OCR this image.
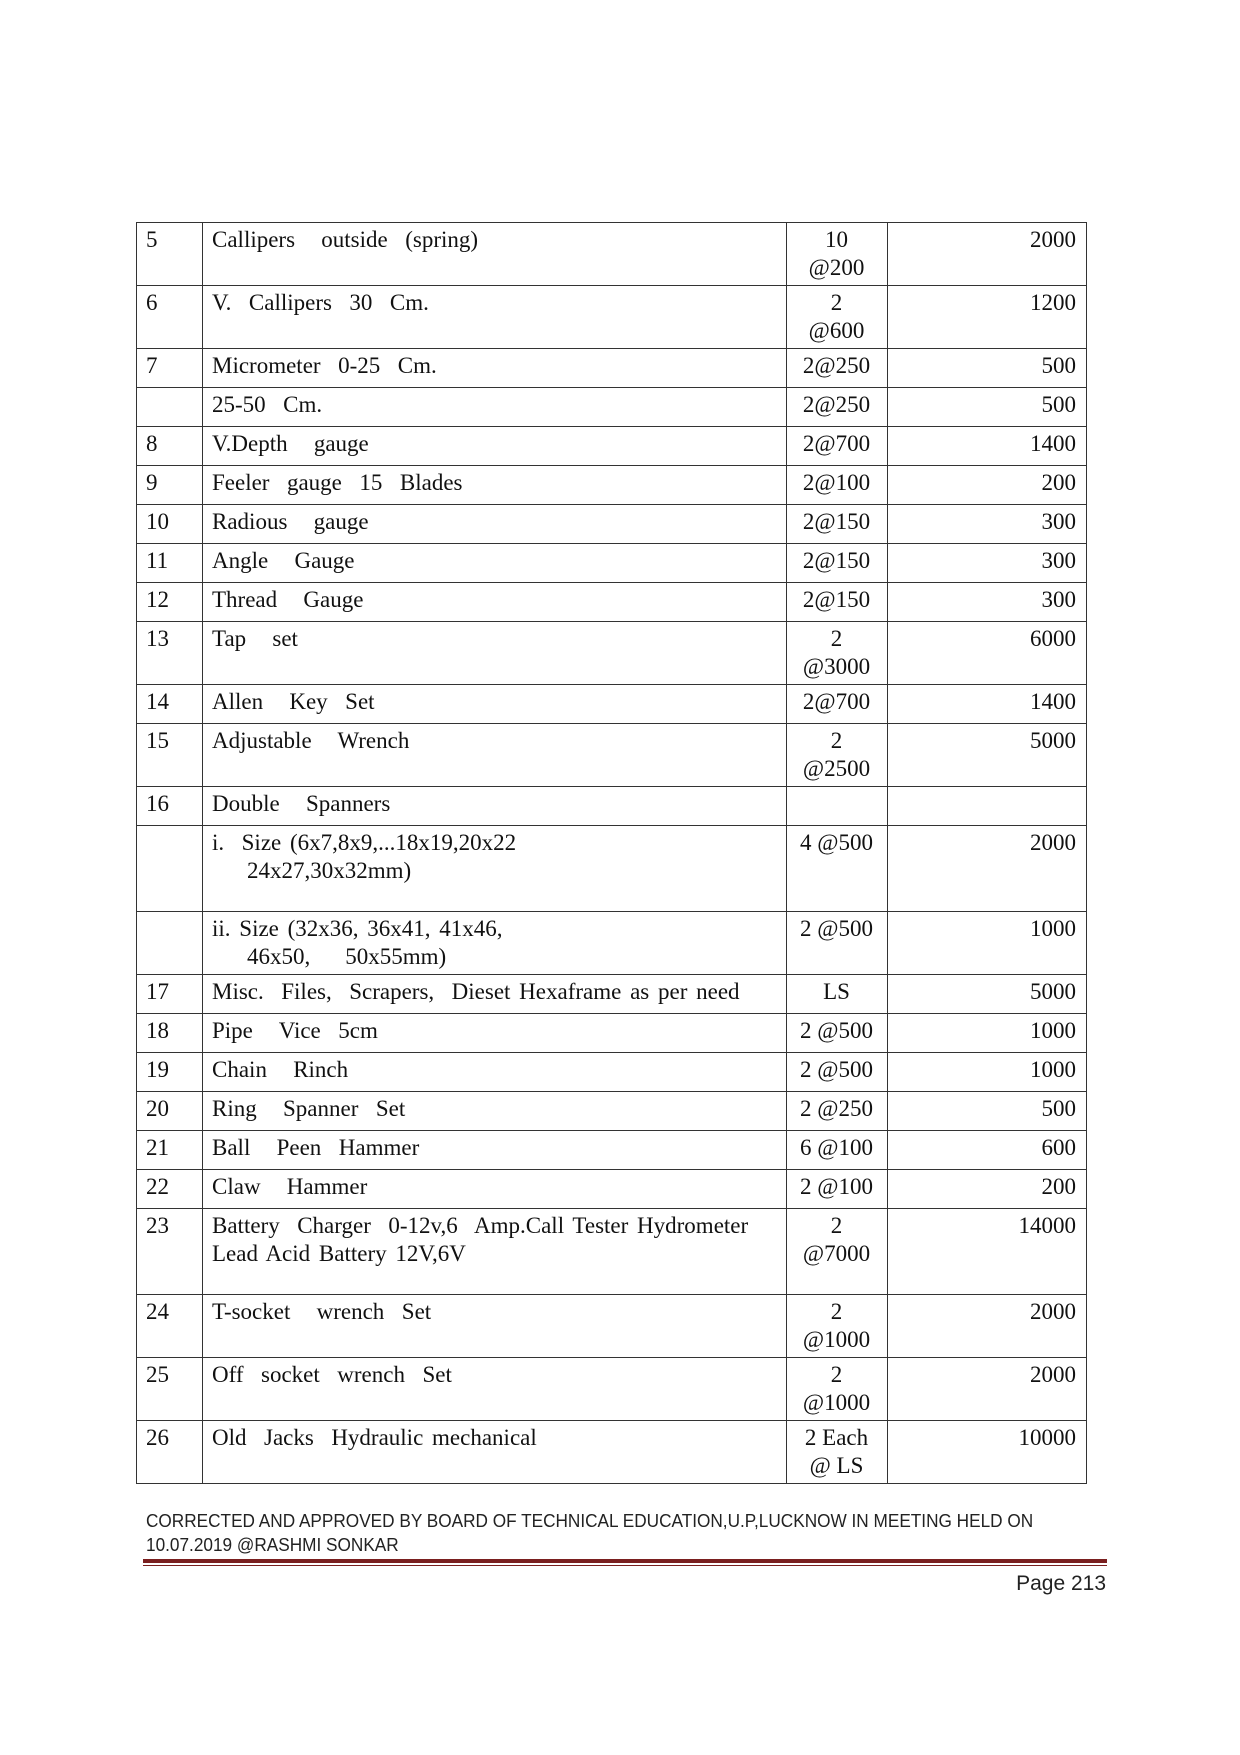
5	Callipers   outside  (spring)	10
@200	2000
6	V.  Callipers  30  Cm.	2
@600	1200
7	Micrometer  0-25  Cm.	2@250	500
	25-50  Cm.	2@250	500
8	V.Depth   gauge	2@700	1400
9	Feeler  gauge  15  Blades	2@100	200
10	Radious   gauge	2@150	300
11	Angle   Gauge	2@150	300
12	Thread   Gauge	2@150	300
13	Tap   set	2
@3000	6000
14	Allen   Key  Set	2@700	1400
15	Adjustable   Wrench	2
@2500	5000
16	Double   Spanners		
	i.  Size (6x7,8x9,...18x19,20x22
24x27,30x32mm)	4 @500	2000
	ii. Size (32x36, 36x41, 41x46,
46x50,    50x55mm)	2 @500	1000
17	Misc.  Files,  Scrapers,  Dieset Hexaframe as per need	LS	5000
18	Pipe   Vice  5cm	2 @500	1000
19	Chain   Rinch	2 @500	1000
20	Ring   Spanner  Set	2 @250	500
21	Ball   Peen  Hammer	6 @100	600
22	Claw   Hammer	2 @100	200
23	Battery  Charger  0-12v,6  Amp.Call Tester Hydrometer
Lead Acid Battery 12V,6V	2
@7000	14000
24	T-socket   wrench  Set	2
@1000	2000
25	Off  socket  wrench  Set	2
@1000	2000
26	Old  Jacks  Hydraulic mechanical	2 Each
@ LS	10000
CORRECTED AND APPROVED BY BOARD OF TECHNICAL EDUCATION,U.P,LUCKNOW IN MEETING HELD ON 10.07.2019 @RASHMI SONKAR
Page 213
